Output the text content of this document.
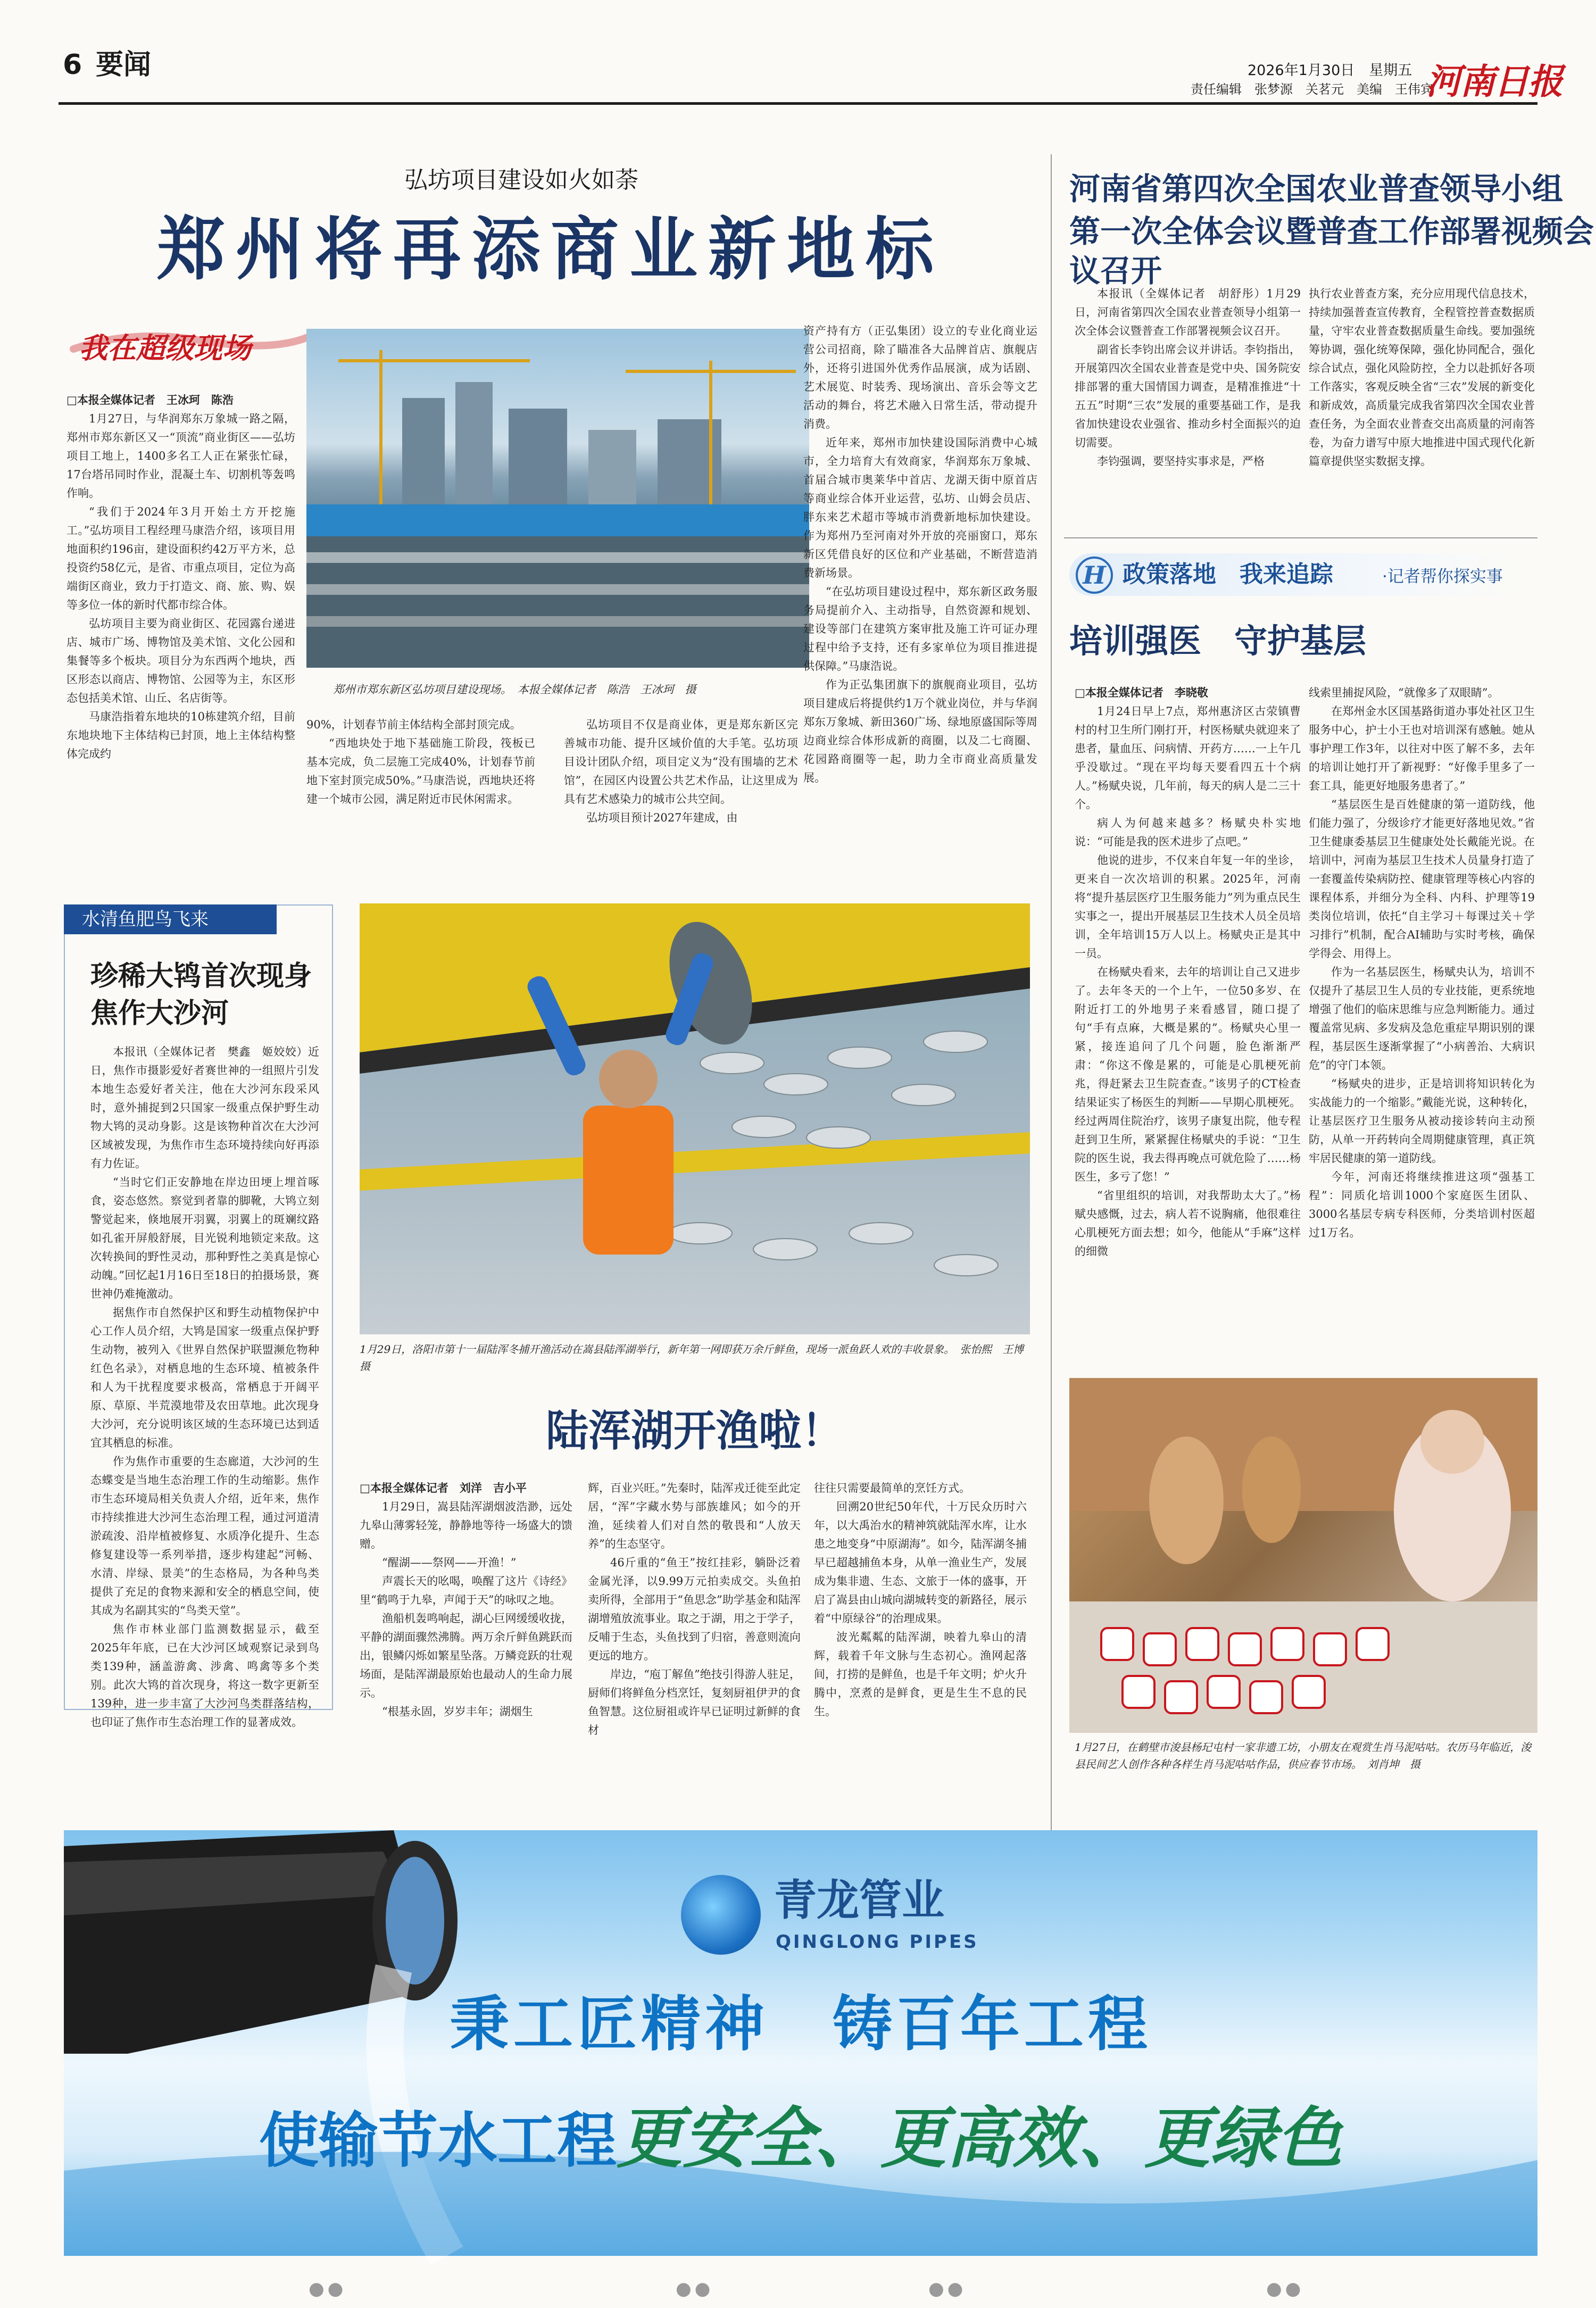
6 要闻	2026年1月30日　星期五
责任编辑　张梦源　关茗元　美编　王伟宾
河南日报
弘坊项目建设如火如荼
郑州将再添商业新地标
我在超级现场
郑州市郑东新区弘坊项目建设现场。　本报全媒体记者　陈浩　王冰珂　摄

□本报全媒体记者　王冰珂　陈浩

1月27日，与华润郑东万象城一路之隔，郑州市郑东新区又一“顶流”商业街区——弘坊项目工地上，1400多名工人正在紧张忙碌，17台塔吊同时作业，混凝土车、切割机等轰鸣作响。

“我们于2024年3月开始土方开挖施工。”弘坊项目工程经理马康浩介绍，该项目用地面积约196亩，建设面积约42万平方米，总投资约58亿元，是省、市重点项目，定位为高端街区商业，致力于打造文、商、旅、购、娱等多位一体的新时代都市综合体。

弘坊项目主要为商业街区、花园露台递进店、城市广场、博物馆及美术馆、文化公园和集餐等多个板块。项目分为东西两个地块，西区形态以商店、博物馆、公园等为主，东区形态包括美术馆、山丘、名店街等。

马康浩指着东地块的10栋建筑介绍，目前东地块地下主体结构已封顶，地上主体结构整体完成约

90%，计划春节前主体结构全部封顶完成。

“西地块处于地下基础施工阶段，筏板已基本完成，负二层施工完成40%，计划春节前地下室封顶完成50%。”马康浩说，西地块还将建一个城市公园，满足附近市民休闲需求。

弘坊项目不仅是商业体，更是郑东新区完善城市功能、提升区域价值的大手笔。弘坊项目设计团队介绍，项目定义为“没有围墙的艺术馆”，在园区内设置公共艺术作品，让这里成为具有艺术感染力的城市公共空间。

弘坊项目预计2027年建成，由

资产持有方（正弘集团）设立的专业化商业运营公司招商，除了瞄准各大品牌首店、旗舰店外，还将引进国外优秀作品展演，成为话剧、艺术展览、时装秀、现场演出、音乐会等文艺活动的舞台，将艺术融入日常生活，带动提升消费。

近年来，郑州市加快建设国际消费中心城市，全力培育大有效商家，华润郑东万象城、首届合城市奥莱华中首店、龙湖天街中原首店等商业综合体开业运营，弘坊、山姆会员店、胖东来艺术超市等城市消费新地标加快建设。作为郑州乃至河南对外开放的亮丽窗口，郑东新区凭借良好的区位和产业基础，不断营造消费新场景。

“在弘坊项目建设过程中，郑东新区政务服务局提前介入、主动指导，自然资源和规划、建设等部门在建筑方案审批及施工许可证办理过程中给予支持，还有多家单位为项目推进提供保障。”马康浩说。

作为正弘集团旗下的旗舰商业项目，弘坊项目建成后将提供约1万个就业岗位，并与华润郑东万象城、新田360广场、绿地原盛国际等周边商业综合体形成新的商圈，以及二七商圈、花园路商圈等一起，助力全市商业高质量发展。

河南省第四次全国农业普查领导小组
第一次全体会议暨普查工作部署视频会议召开

本报讯（全媒体记者　胡舒彤）1月29日，河南省第四次全国农业普查领导小组第一次全体会议暨普查工作部署视频会议召开。

副省长李钧出席会议并讲话。李钧指出，开展第四次全国农业普查是党中央、国务院安排部署的重大国情国力调查，是精准推进“十五五”时期“三农”发展的重要基础工作，是我省加快建设农业强省、推动乡村全面振兴的迫切需要。

李钧强调，要坚持实事求是，严格

执行农业普查方案，充分应用现代信息技术，持续加强普查宣传教育，全程管控普查数据质量，守牢农业普查数据质量生命线。要加强统筹协调，强化统筹保障，强化协同配合，强化综合试点，强化风险防控，全力以赴抓好各项工作落实，客观反映全省“三农”发展的新变化和新成效，高质量完成我省第四次全国农业普查任务，为全面农业普查交出高质量的河南答卷，为奋力谱写中原大地推进中国式现代化新篇章提供坚实数据支撑。

H 政策落地　我来追踪	·记者帮你探实事
培训强医　守护基层

□本报全媒体记者　李晓敬

1月24日早上7点，郑州惠济区古荥镇曹村的村卫生所门刚打开，村医杨赋央就迎来了患者，量血压、问病情、开药方……一上午几乎没歇过。“现在平均每天要看四五十个病人。”杨赋央说，几年前，每天的病人是二三十个。

病人为何越来越多？杨赋央朴实地说：“可能是我的医术进步了点吧。”

他说的进步，不仅来自年复一年的坐诊，更来自一次次培训的积累。2025年，河南将“提升基层医疗卫生服务能力”列为重点民生实事之一，提出开展基层卫生技术人员全员培训，全年培训15万人以上。杨赋央正是其中一员。

在杨赋央看来，去年的培训让自己又进步了。去年冬天的一个上午，一位50多岁、在附近打工的外地男子来看感冒，随口提了句“手有点麻，大概是累的”。杨赋央心里一紧，接连追问了几个问题，脸色渐渐严肃：“你这不像是累的，可能是心肌梗死前兆，得赶紧去卫生院查查。”该男子的CT检查结果证实了杨医生的判断——早期心肌梗死。经过两周住院治疗，该男子康复出院，他专程赶到卫生所，紧紧握住杨赋央的手说：“卫生院的医生说，我去得再晚点可就危险了……杨医生，多亏了您！”

“省里组织的培训，对我帮助太大了。”杨赋央感慨，过去，病人若不说胸痛，他很难往心肌梗死方面去想；如今，他能从“手麻”这样的细微

线索里捕捉风险，“就像多了双眼睛”。

在郑州金水区国基路街道办事处社区卫生服务中心，护士小王也对培训深有感触。她从事护理工作3年，以往对中医了解不多，去年的培训让她打开了新视野：“好像手里多了一套工具，能更好地服务患者了。”

“基层医生是百姓健康的第一道防线，他们能力强了，分级诊疗才能更好落地见效。”省卫生健康委基层卫生健康处处长戴能光说。在培训中，河南为基层卫生技术人员量身打造了一套覆盖传染病防控、健康管理等核心内容的课程体系，并细分为全科、内科、护理等19类岗位培训，依托“自主学习＋每课过关＋学习排行”机制，配合AI辅助与实时考核，确保学得会、用得上。

作为一名基层医生，杨赋央认为，培训不仅提升了基层卫生人员的专业技能，更系统地增强了他们的临床思维与应急判断能力。通过覆盖常见病、多发病及急危重症早期识别的课程，基层医生逐渐掌握了“小病善治、大病识危”的守门本领。

“杨赋央的进步，正是培训将知识转化为实战能力的一个缩影。”戴能光说，这种转化，让基层医疗卫生服务从被动接诊转向主动预防，从单一开药转向全周期健康管理，真正筑牢居民健康的第一道防线。

今年，河南还将继续推进这项“强基工程”：同质化培训1000个家庭医生团队、3000名基层专病专科医师，分类培训村医超过1万名。

1月27日，在鹤壁市浚县杨玘屯村一家非遗工坊，小朋友在观赏生肖马泥咕咕。农历马年临近，浚县民间艺人创作各种各样生肖马泥咕咕作品，供应春节市场。　刘肖坤　摄
水清鱼肥鸟飞来
珍稀大鸨首次现身
焦作大沙河

本报讯（全媒体记者　樊鑫　姬姣姣）近日，焦作市摄影爱好者赛世神的一组照片引发本地生态爱好者关注，他在大沙河东段采风时，意外捕捉到2只国家一级重点保护野生动物大鸨的灵动身影。这是该物种首次在大沙河区域被发现，为焦作市生态环境持续向好再添有力佐证。

“当时它们正安静地在岸边田埂上埋首啄食，姿态悠然。察觉到者靠的脚靴，大鸨立刻警觉起来，倏地展开羽翼，羽翼上的斑斓纹路如孔雀开屏般舒展，目光锐利地锁定来敌。这次转换间的野性灵动，那种野性之美真是惊心动魄。”回忆起1月16日至18日的拍摄场景，赛世神仍难掩激动。

据焦作市自然保护区和野生动植物保护中心工作人员介绍，大鸨是国家一级重点保护野生动物，被列入《世界自然保护联盟濒危物种红色名录》，对栖息地的生态环境、植被条件和人为干扰程度要求极高，常栖息于开阔平原、草原、半荒漠地带及农田草地。此次现身大沙河，充分说明该区域的生态环境已达到适宜其栖息的标准。

作为焦作市重要的生态廊道，大沙河的生态蝶变是当地生态治理工作的生动缩影。焦作市生态环境局相关负责人介绍，近年来，焦作市持续推进大沙河生态治理工程，通过河道清淤疏浚、沿岸植被修复、水质净化提升、生态修复建设等一系列举措，逐步构建起“河畅、水清、岸绿、景美”的生态格局，为各种鸟类提供了充足的食物来源和安全的栖息空间，使其成为名副其实的“鸟类天堂”。

焦作市林业部门监测数据显示，截至2025年年底，已在大沙河区域观察记录到鸟类139种，涵盖游禽、涉禽、鸣禽等多个类别。此次大鸨的首次现身，将这一数字更新至139种，进一步丰富了大沙河鸟类群落结构，也印证了焦作市生态治理工作的显著成效。

1月29日，洛阳市第十一届陆浑冬捕开渔活动在嵩县陆浑湖举行，新年第一网即获万余斤鲜鱼，现场一派鱼跃人欢的丰收景象。　张怡熙　王博　摄
陆浑湖开渔啦！

□本报全媒体记者　刘洋　吉小平

1月29日，嵩县陆浑湖烟波浩渺，远处九皋山薄雾轻笼，静静地等待一场盛大的馈赠。

“醒湖——祭网——开渔！”

声震长天的吆喝，唤醒了这片《诗经》里“鹤鸣于九皋，声闻于天”的咏叹之地。

渔船机轰鸣响起，湖心巨网缓缓收拢，平静的湖面骤然沸腾。两万余斤鲜鱼跳跃而出，银鳞闪烁如繁星坠落。万鳞竞跃的壮观场面，是陆浑湖最原始也最动人的生命力展示。

“根基永固，岁岁丰年；湖烟生

辉，百业兴旺。”先秦时，陆浑戎迁徙至此定居，“浑”字藏水势与部族雄风；如今的开渔，延续着人们对自然的敬畏和“人放天养”的生态坚守。

46斤重的“鱼王”按红挂彩，躺卧泛着金属光泽，以9.99万元拍卖成交。头鱼拍卖所得，全部用于“鱼思念”助学基金和陆浑湖增殖放流事业。取之于湖，用之于学子，反哺于生态，头鱼找到了归宿，善意则流向更远的地方。

岸边，“庖丁解鱼”绝技引得游人驻足，厨师们将鲜鱼分档烹饪，复刻厨祖伊尹的食鱼智慧。这位厨祖或许早已证明过新鲜的食材

往往只需要最简单的烹饪方式。

回溯20世纪50年代，十万民众历时六年，以大禹治水的精神筑就陆浑水库，让水患之地变身“中原湖海”。如今，陆浑湖冬捕早已超越捕鱼本身，从单一渔业生产，发展成为集非遗、生态、文旅于一体的盛事，开启了嵩县由山城向湖城转变的新路径，展示着“中原绿谷”的治理成果。

波光粼粼的陆浑湖，映着九皋山的清辉，载着千年文脉与生态初心。渔网起落间，打捞的是鲜鱼，也是千年文明；炉火升腾中，烹煮的是鲜食，更是生生不息的民生。

青龙管业
QINGLONG PIPES
秉工匠精神　铸百年工程
使输节水工程更安全、更高效、更绿色
●●	●●	●●	●●
